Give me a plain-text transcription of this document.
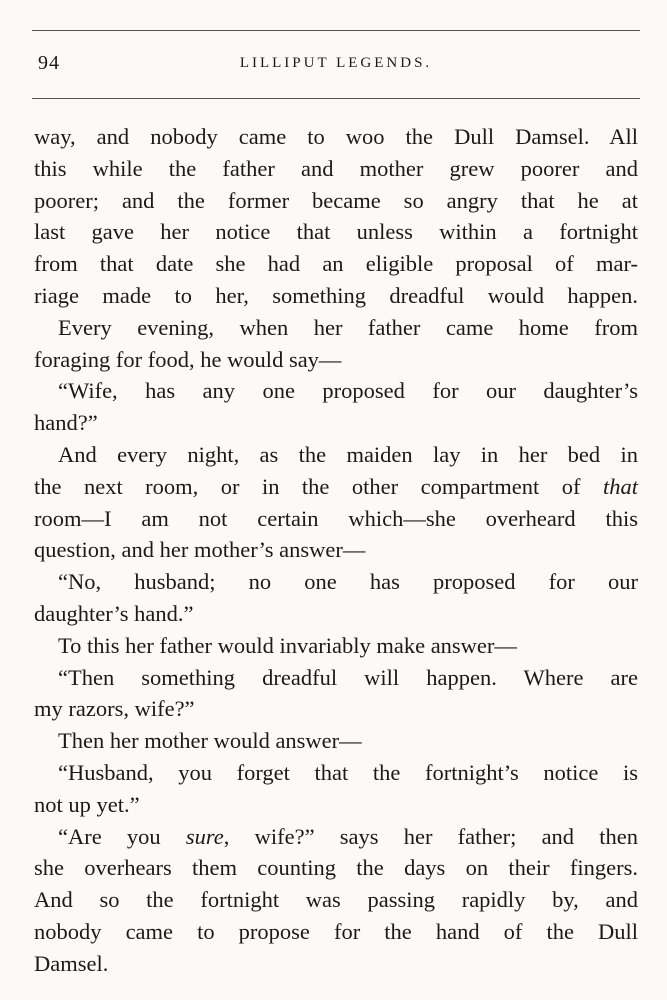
94	LILLIPUT LEGENDS.
way, and nobody came to woo the Dull Damsel. All
this while the father and mother grew poorer and
poorer; and the former became so angry that he at
last gave her notice that unless within a fortnight
from that date she had an eligible proposal of mar-
riage made to her, something dreadful would happen.
Every evening, when her father came home from
foraging for food, he would say—
“Wife, has any one proposed for our daughter’s
hand?”
And every night, as the maiden lay in her bed in
the next room, or in the other compartment of that
room—I am not certain which—she overheard this
question, and her mother’s answer—
“No, husband; no one has proposed for our
daughter’s hand.”
To this her father would invariably make answer—
“Then something dreadful will happen. Where are
my razors, wife?”
Then her mother would answer—
“Husband, you forget that the fortnight’s notice is
not up yet.”
“Are you sure, wife?” says her father; and then
she overhears them counting the days on their fingers.
And so the fortnight was passing rapidly by, and
nobody came to propose for the hand of the Dull
Damsel.
